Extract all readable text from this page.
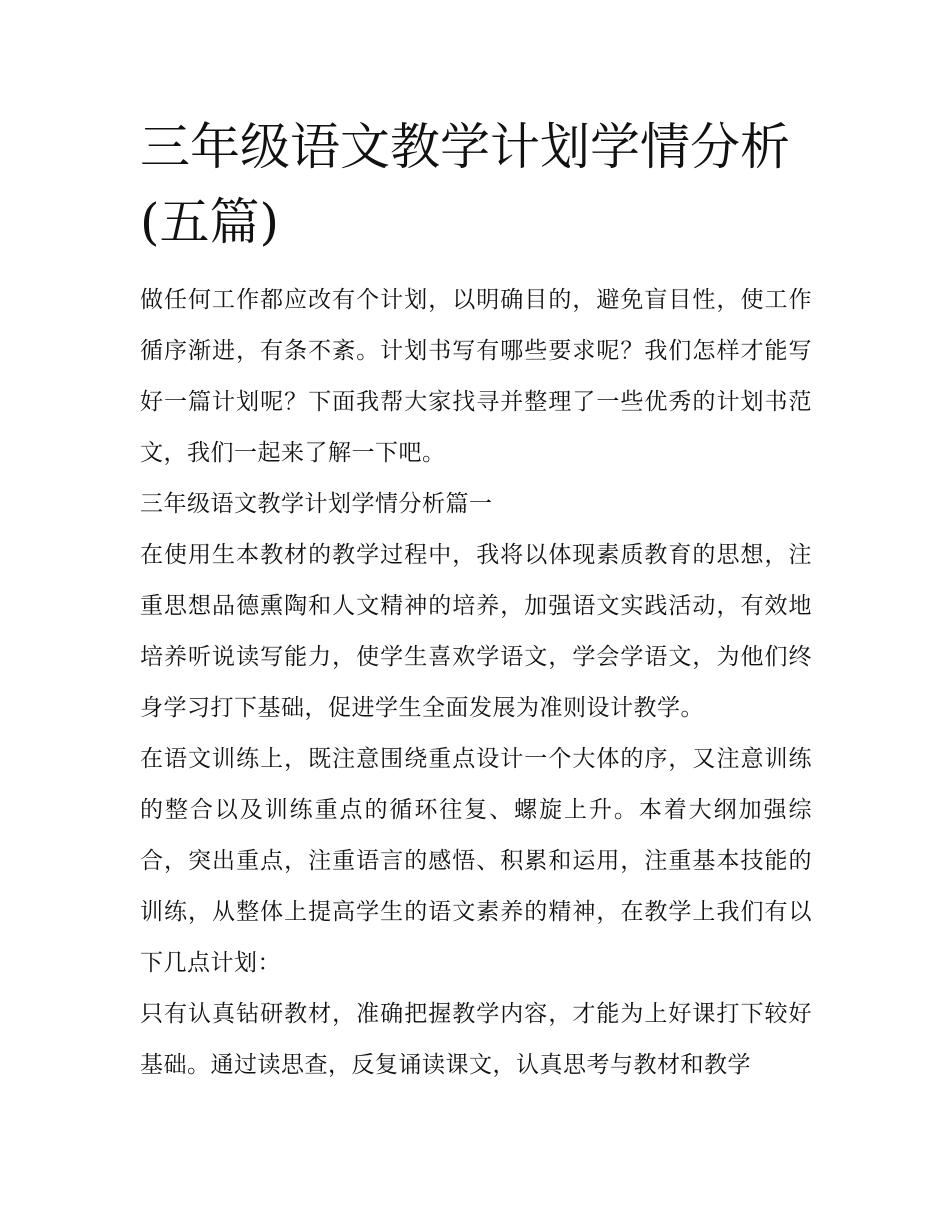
三年级语文教学计划学情分析(五篇)

做任何工作都应改有个计划，以明确目的，避免盲目性，使工作循序渐进，有条不紊。计划书写有哪些要求呢？我们怎样才能写好一篇计划呢？下面我帮大家找寻并整理了一些优秀的计划书范文，我们一起来了解一下吧。

三年级语文教学计划学情分析篇一

在使用生本教材的教学过程中，我将以体现素质教育的思想，注重思想品德熏陶和人文精神的培养，加强语文实践活动，有效地培养听说读写能力，使学生喜欢学语文，学会学语文，为他们终身学习打下基础，促进学生全面发展为准则设计教学。

在语文训练上，既注意围绕重点设计一个大体的序，又注意训练的整合以及训练重点的循环往复、螺旋上升。本着大纲加强综合，突出重点，注重语言的感悟、积累和运用，注重基本技能的训练，从整体上提高学生的语文素养的精神，在教学上我们有以下几点计划：

只有认真钻研教材，准确把握教学内容，才能为上好课打下较好基础。通过读思查，反复诵读课文，认真思考与教材和教学
